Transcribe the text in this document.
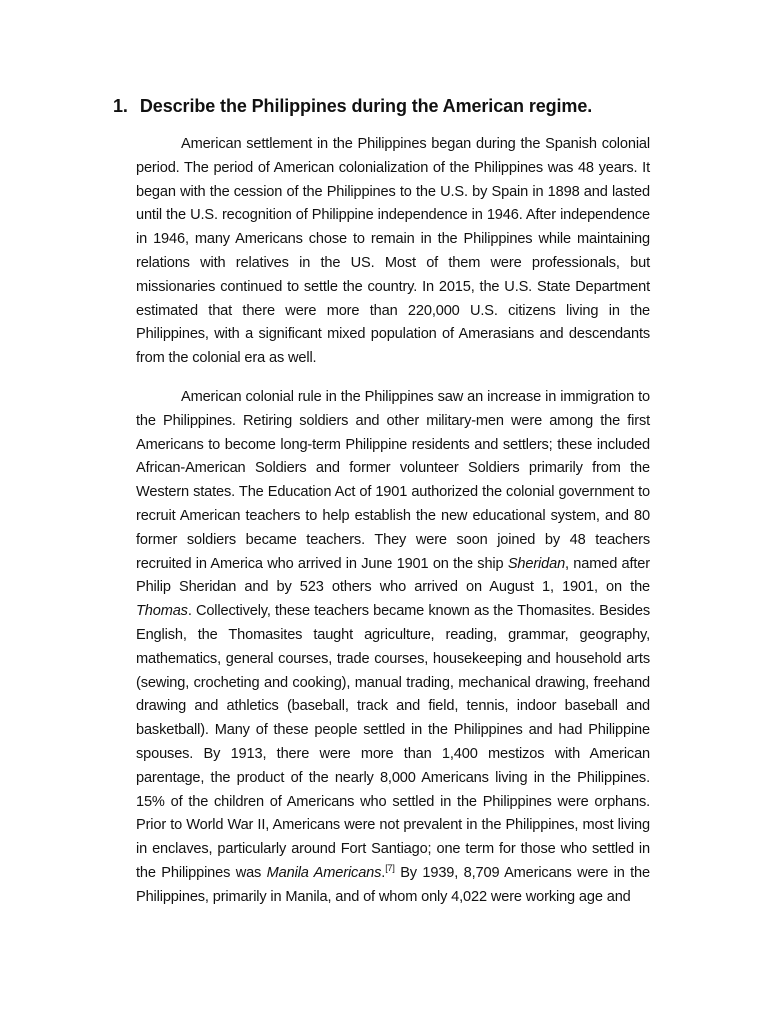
1. Describe the Philippines during the American regime.

American settlement in the Philippines began during the Spanish colonial period. The period of American colonialization of the Philippines was 48 years. It began with the cession of the Philippines to the U.S. by Spain in 1898 and lasted until the U.S. recognition of Philippine independence in 1946. After independence in 1946, many Americans chose to remain in the Philippines while maintaining relations with relatives in the US. Most of them were professionals, but missionaries continued to settle the country. In 2015, the U.S. State Department estimated that there were more than 220,000 U.S. citizens living in the Philippines, with a significant mixed population of Amerasians and descendants from the colonial era as well.

American colonial rule in the Philippines saw an increase in immigration to the Philippines. Retiring soldiers and other military-men were among the first Americans to become long-term Philippine residents and settlers; these included African-American Soldiers and former volunteer Soldiers primarily from the Western states. The Education Act of 1901 authorized the colonial government to recruit American teachers to help establish the new educational system, and 80 former soldiers became teachers. They were soon joined by 48 teachers recruited in America who arrived in June 1901 on the ship Sheridan, named after Philip Sheridan and by 523 others who arrived on August 1, 1901, on the Thomas. Collectively, these teachers became known as the Thomasites. Besides English, the Thomasites taught agriculture, reading, grammar, geography, mathematics, general courses, trade courses, housekeeping and household arts (sewing, crocheting and cooking), manual trading, mechanical drawing, freehand drawing and athletics (baseball, track and field, tennis, indoor baseball and basketball). Many of these people settled in the Philippines and had Philippine spouses. By 1913, there were more than 1,400 mestizos with American parentage, the product of the nearly 8,000 Americans living in the Philippines. 15% of the children of Americans who settled in the Philippines were orphans. Prior to World War II, Americans were not prevalent in the Philippines, most living in enclaves, particularly around Fort Santiago; one term for those who settled in the Philippines was Manila Americans.[7] By 1939, 8,709 Americans were in the Philippines, primarily in Manila, and of whom only 4,022 were working age and
